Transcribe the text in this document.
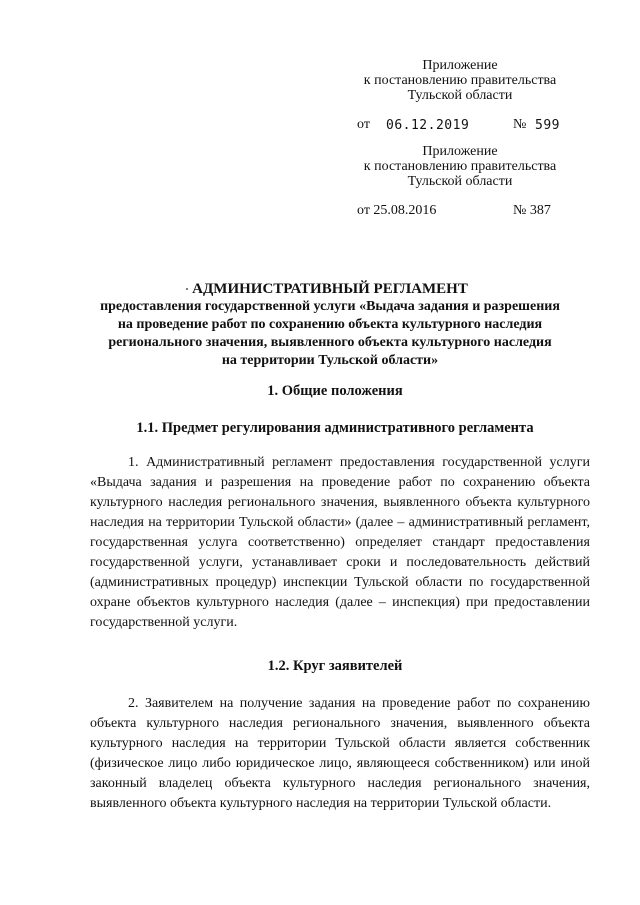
Приложение
к постановлению правительства
Тульской области
от 06.12.2019	№ 599
Приложение
к постановлению правительства
Тульской области
от 25.08.2016	№ 387
АДМИНИСТРАТИВНЫЙ РЕГЛАМЕНТ
предоставления государственной услуги «Выдача задания и разрешения
на проведение работ по сохранению объекта культурного наследия
регионального значения, выявленного объекта культурного наследия
на территории Тульской области»
1. Общие положения
1.1. Предмет регулирования административного регламента

1. Административный регламент предоставления государственной услуги «Выдача задания и разрешения на проведение работ по сохранению объекта культурного наследия регионального значения, выявленного объекта культурного наследия на территории Тульской области» (далее – административный регламент, государственная услуга соответственно) определяет стандарт предоставления государственной услуги, устанавливает сроки и последовательность действий (административных процедур) инспекции Тульской области по государственной охране объектов культурного наследия (далее – инспекция) при предоставлении государственной услуги.

1.2. Круг заявителей

2. Заявителем на получение задания на проведение работ по сохранению объекта культурного наследия регионального значения, выявленного объекта культурного наследия на территории Тульской области является собственник (физическое лицо либо юридическое лицо, являющееся собственником) или иной законный владелец объекта культурного наследия регионального значения, выявленного объекта культурного наследия на территории Тульской области.
